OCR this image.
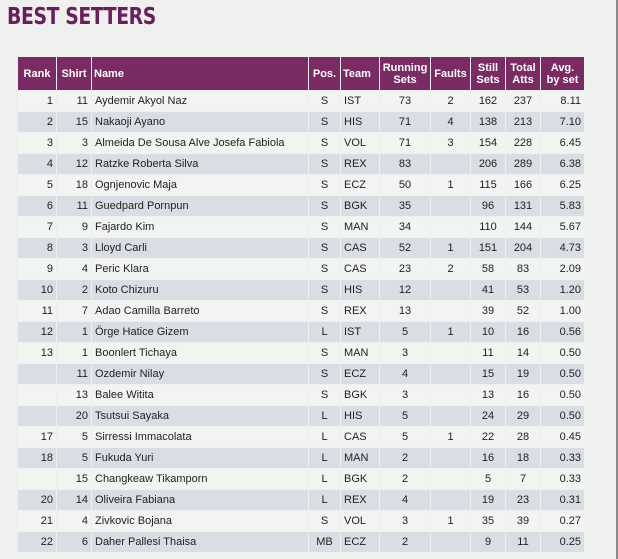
BEST SETTERS
Rank	Shirt	Name	Pos.	Team	Running Sets	Faults	Still Sets	Total Atts	Avg. by set
1	11	Aydemir Akyol Naz	S	IST	73	2	162	237	8.11
2	15	Nakaoji Ayano	S	HIS	71	4	138	213	7.10
3	3	Almeida De Sousa Alve Josefa Fabiola	S	VOL	71	3	154	228	6.45
4	12	Ratzke Roberta Silva	S	REX	83		206	289	6.38
5	18	Ognjenovic Maja	S	ECZ	50	1	115	166	6.25
6	11	Guedpard Pornpun	S	BGK	35		96	131	5.83
7	9	Fajardo Kim	S	MAN	34		110	144	5.67
8	3	Lloyd Carli	S	CAS	52	1	151	204	4.73
9	4	Peric Klara	S	CAS	23	2	58	83	2.09
10	2	Koto Chizuru	S	HIS	12		41	53	1.20
11	7	Adao Camilla Barreto	S	REX	13		39	52	1.00
12	1	Örge Hatice Gizem	L	IST	5	1	10	16	0.56
13	1	Boonlert Tichaya	S	MAN	3		11	14	0.50
	11	Ozdemir Nilay	S	ECZ	4		15	19	0.50
	13	Balee Witita	S	BGK	3		13	16	0.50
	20	Tsutsui Sayaka	L	HIS	5		24	29	0.50
17	5	Sirressi Immacolata	L	CAS	5	1	22	28	0.45
18	5	Fukuda Yuri	L	MAN	2		16	18	0.33
	15	Changkeaw Tikamporn	L	BGK	2		5	7	0.33
20	14	Oliveira Fabiana	L	REX	4		19	23	0.31
21	4	Zivkovic Bojana	S	VOL	3	1	35	39	0.27
22	6	Daher Pallesi Thaisa	MB	ECZ	2		9	11	0.25
